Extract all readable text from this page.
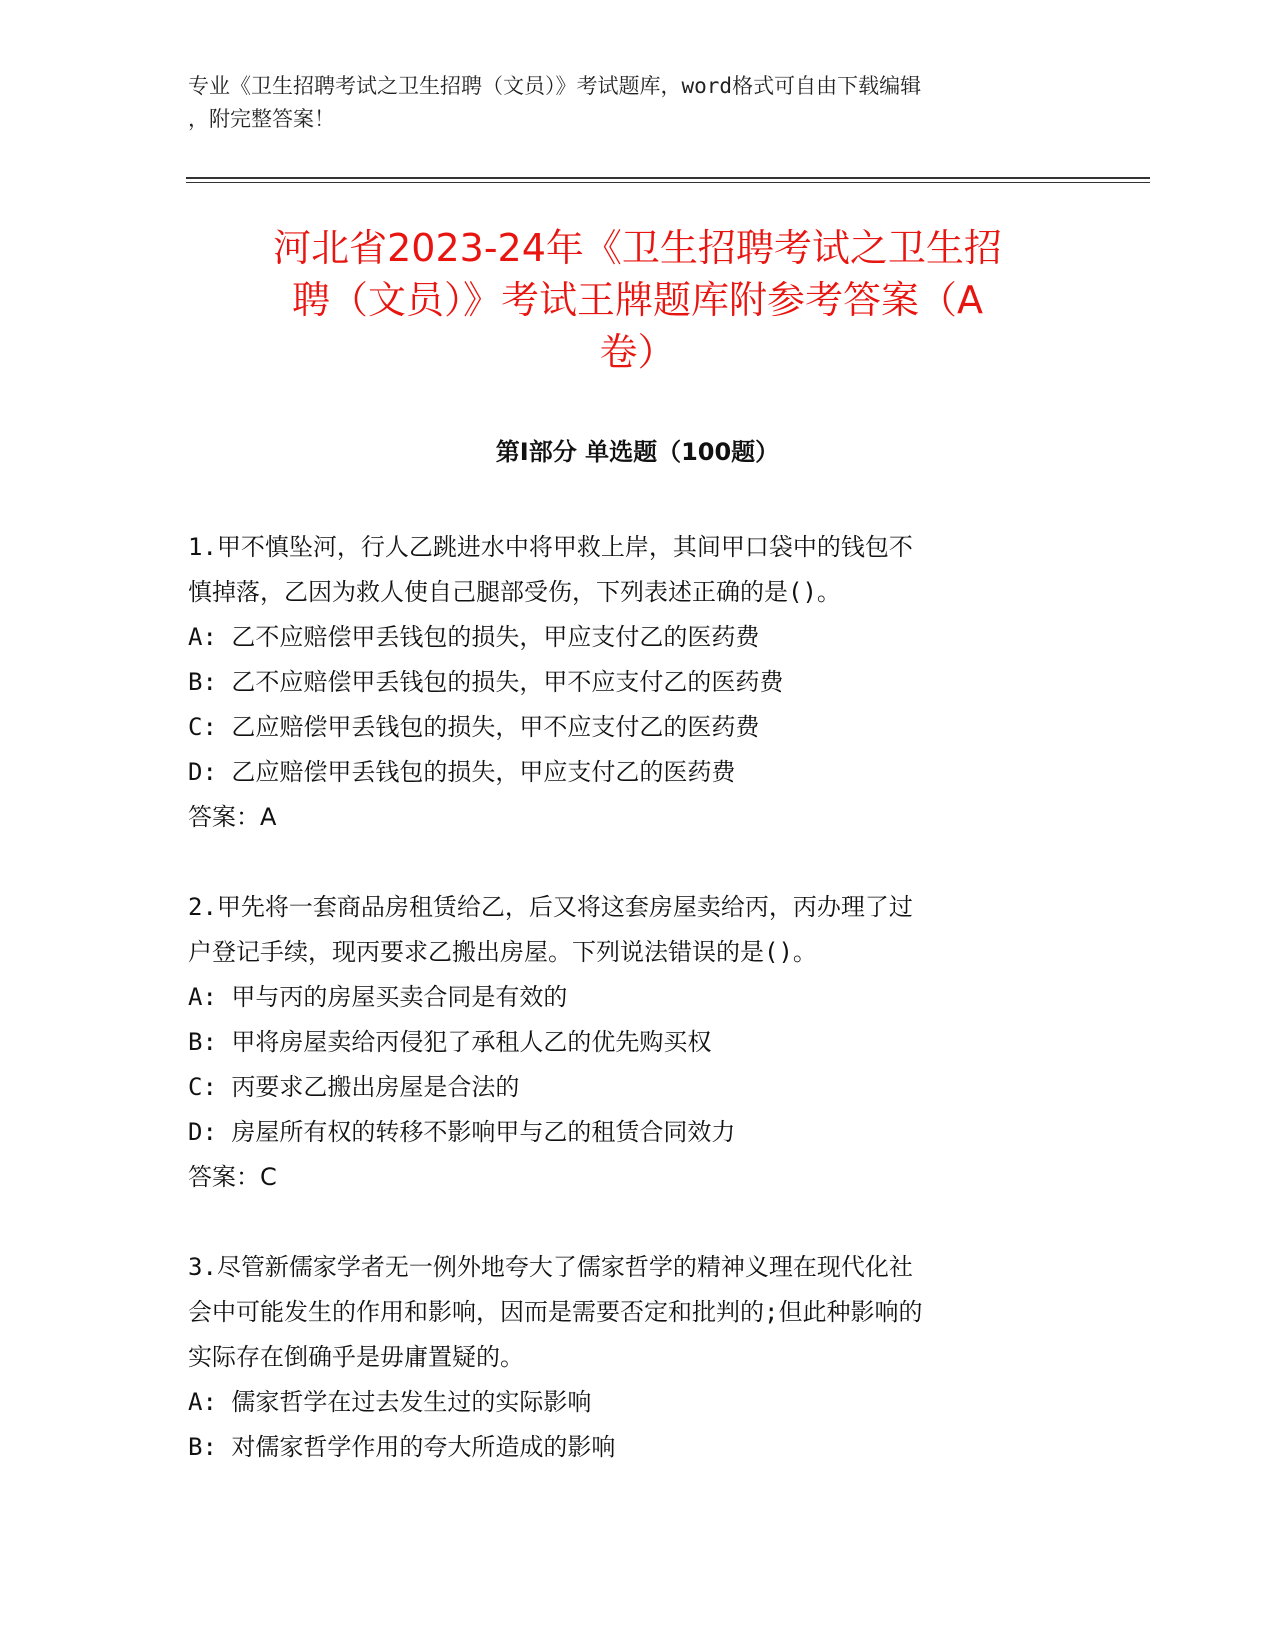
专业《卫生招聘考试之卫生招聘（文员）》考试题库，word格式可自由下载编辑
，附完整答案！
河北省2023-24年《卫生招聘考试之卫生招
聘（文员）》考试王牌题库附参考答案（A
卷）
第Ⅰ部分 单选题（100题）

1.甲不慎坠河，行人乙跳进水中将甲救上岸，其间甲口袋中的钱包不

慎掉落，乙因为救人使自己腿部受伤，下列表述正确的是()。

A: 乙不应赔偿甲丢钱包的损失，甲应支付乙的医药费

B: 乙不应赔偿甲丢钱包的损失，甲不应支付乙的医药费

C: 乙应赔偿甲丢钱包的损失，甲不应支付乙的医药费

D: 乙应赔偿甲丢钱包的损失，甲应支付乙的医药费

答案：A

2.甲先将一套商品房租赁给乙，后又将这套房屋卖给丙，丙办理了过

户登记手续，现丙要求乙搬出房屋。下列说法错误的是()。

A: 甲与丙的房屋买卖合同是有效的

B: 甲将房屋卖给丙侵犯了承租人乙的优先购买权

C: 丙要求乙搬出房屋是合法的

D: 房屋所有权的转移不影响甲与乙的租赁合同效力

答案：C

3.尽管新儒家学者无一例外地夸大了儒家哲学的精神义理在现代化社

会中可能发生的作用和影响，因而是需要否定和批判的;但此种影响的

实际存在倒确乎是毋庸置疑的。

A: 儒家哲学在过去发生过的实际影响

B: 对儒家哲学作用的夸大所造成的影响
